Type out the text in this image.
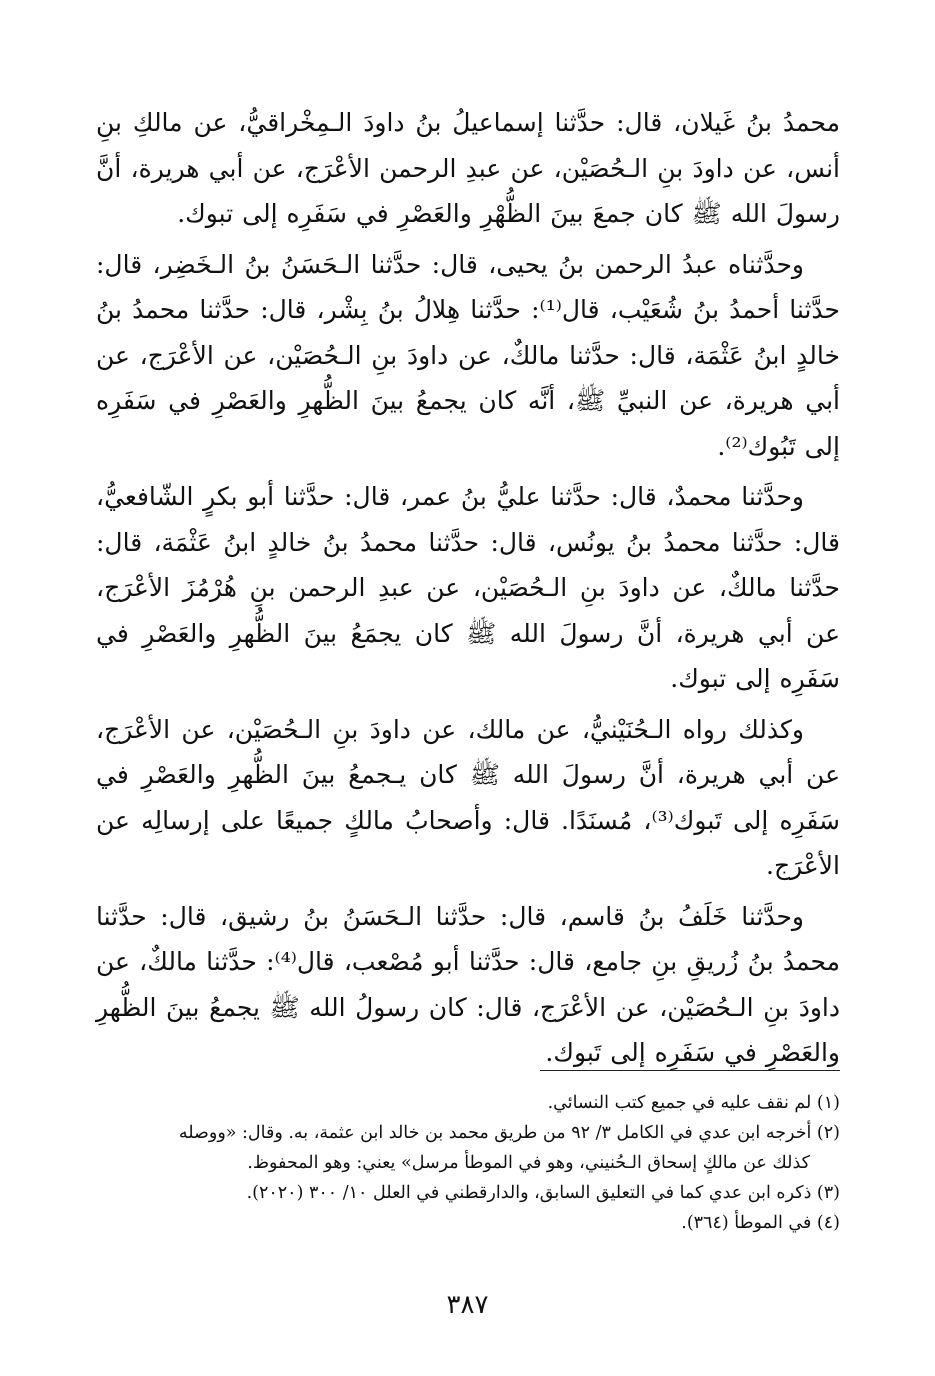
محمدُ بنُ غَيلان، قال: حدَّثنا إسماعيلُ بنُ داودَ الـمِخْراقيُّ، عن مالكِ بنِ أنس، عن داودَ بنِ الـحُصَيْن، عن عبدِ الرحمن الأعْرَج، عن أبي هريرة، أنَّ رسولَ الله ﷺ كان جمعَ بينَ الظُّهْرِ والعَصْرِ في سَفَرِه إلى تبوك.

وحدَّثناه عبدُ الرحمن بنُ يحيى، قال: حدَّثنا الـحَسَنُ بنُ الـخَضِر، قال: حدَّثنا أحمدُ بنُ شُعَيْب، قال⁽¹⁾: حدَّثنا هِلالُ بنُ بِشْر، قال: حدَّثنا محمدُ بنُ خالدٍ ابنُ عَثْمَة، قال: حدَّثنا مالكٌ، عن داودَ بنِ الـحُصَيْن، عن الأعْرَج، عن أبي هريرة، عن النبيِّ ﷺ، أنَّه كان يجمعُ بينَ الظُّهرِ والعَصْرِ في سَفَرِه إلى تَبُوك⁽²⁾.

وحدَّثنا محمدٌ، قال: حدَّثنا عليُّ بنُ عمر، قال: حدَّثنا أبو بكرٍ الشّافعيُّ، قال: حدَّثنا محمدُ بنُ يونُس، قال: حدَّثنا محمدُ بنُ خالدٍ ابنُ عَثْمَة، قال: حدَّثنا مالكٌ، عن داودَ بنِ الـحُصَيْن، عن عبدِ الرحمن بنِ هُرْمُزَ الأعْرَج، عن أبي هريرة، أنَّ رسولَ الله ﷺ كان يجمَعُ بينَ الظُّهرِ والعَصْرِ في سَفَرِه إلى تبوك.

وكذلك رواه الـحُنَيْنيُّ، عن مالك، عن داودَ بنِ الـحُصَيْن، عن الأعْرَج، عن أبي هريرة، أنَّ رسولَ الله ﷺ كان يـجمعُ بينَ الظُّهرِ والعَصْرِ في سَفَرِه إلى تَبوك⁽³⁾، مُسنَدًا. قال: وأصحابُ مالكٍ جميعًا على إرسالِه عن الأعْرَج.

وحدَّثنا خَلَفُ بنُ قاسم، قال: حدَّثنا الـحَسَنُ بنُ رشيق، قال: حدَّثنا محمدُ بنُ زُريقِ بنِ جامع، قال: حدَّثنا أبو مُصْعب، قال⁽⁴⁾: حدَّثنا مالكٌ، عن داودَ بنِ الـحُصَيْن، عن الأعْرَج، قال: كان رسولُ الله ﷺ يجمعُ بينَ الظُّهرِ والعَصْرِ في سَفَرِه إلى تَبوك.

(١) لم نقف عليه في جميع كتب النسائي.

(٢) أخرجه ابن عدي في الكامل ٣/ ٩٢ من طريق محمد بن خالد ابن عثمة، به. وقال: «ووصله

كذلك عن مالكٍ إسحاق الـحُنيني، وهو في الموطأ مرسل» يعني: وهو المحفوظ.

(٣) ذكره ابن عدي كما في التعليق السابق، والدارقطني في العلل ١٠/ ٣٠٠ (٢٠٢٠).

(٤) في الموطأ (٣٦٤).

٣٨٧
